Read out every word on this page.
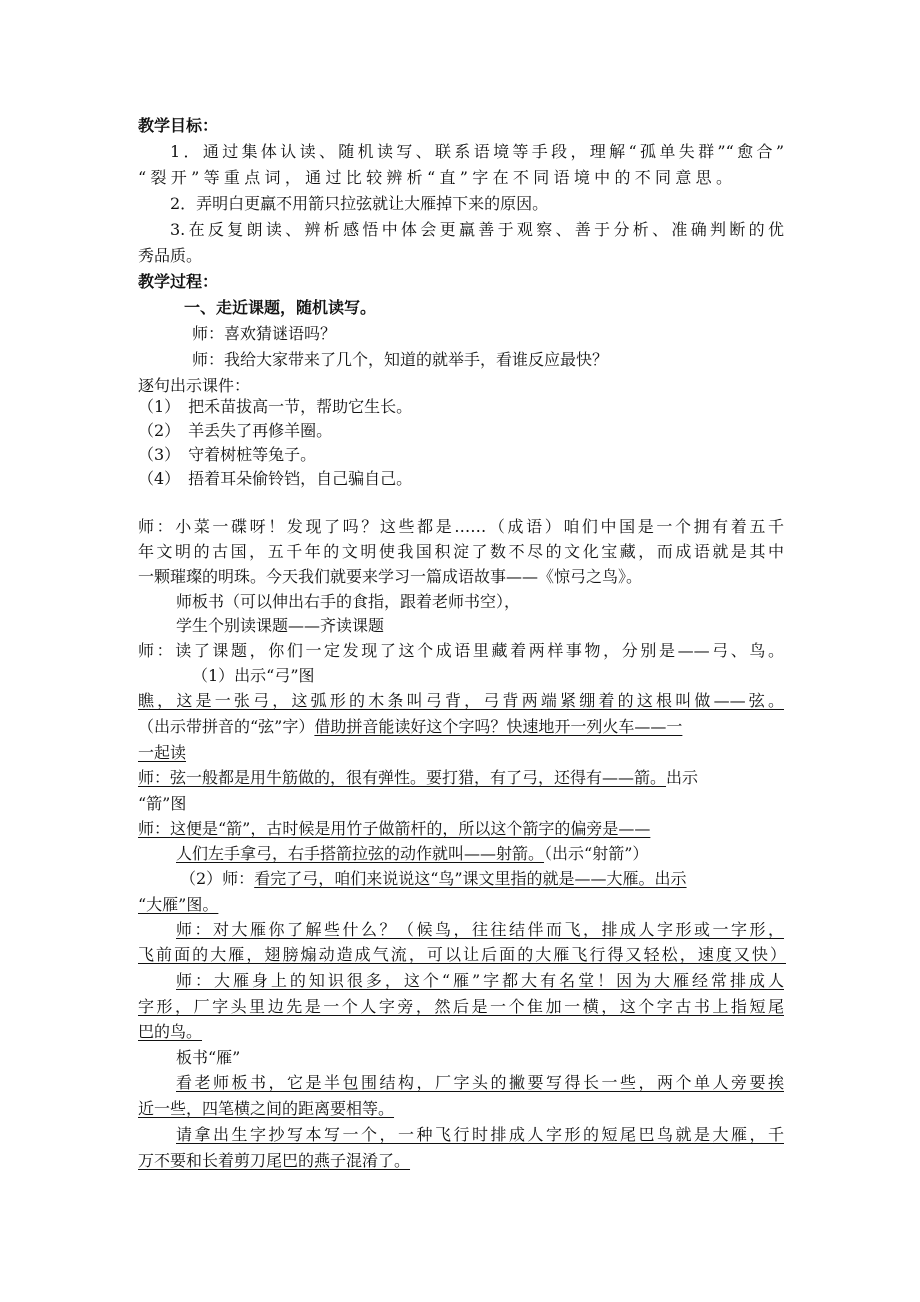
教学目标：
1．通过集体认读、随机读写、联系语境等手段，理解“孤单失群”“愈合”
“裂开”等重点词，通过比较辨析“直”字在不同语境中的不同意思。
2．弄明白更羸不用箭只拉弦就让大雁掉下来的原因。
3.在反复朗读、辨析感悟中体会更羸善于观察、善于分析、准确判断的优
秀品质。
教学过程：
一、走近课题，随机读写。
师：喜欢猜谜语吗？
师：我给大家带来了几个，知道的就举手，看谁反应最快？
逐句出示课件：
（1）　把禾苗拔高一节，帮助它生长。
（2）　羊丢失了再修羊圈。
（3）　守着树桩等兔子。
（4）　捂着耳朵偷铃铛，自己骗自己。
师：小菜一碟呀！发现了吗？这些都是……（成语）咱们中国是一个拥有着五千
年文明的古国，五千年的文明使我国积淀了数不尽的文化宝藏，而成语就是其中
一颗璀璨的明珠。今天我们就要来学习一篇成语故事——《惊弓之鸟》。
师板书（可以伸出右手的食指，跟着老师书空），
学生个别读课题——齐读课题
师：读了课题，你们一定发现了这个成语里藏着两样事物，分别是——弓、鸟。
（1）出示“弓”图
瞧，这是一张弓，这弧形的木条叫弓背，弓背两端紧绷着的这根叫做——弦。
（出示带拼音的“弦”字）借助拼音能读好这个字吗？快速地开一列火车——一
一起读
师：弦一般都是用牛筋做的，很有弹性。要打猎，有了弓，还得有——箭。出示
“箭”图
师：这便是“箭”，古时候是用竹子做箭杆的，所以这个箭字的偏旁是——
人们左手拿弓，右手搭箭拉弦的动作就叫——射箭。（出示“射箭”）
（2）师：看完了弓，咱们来说说这“鸟”课文里指的就是——大雁。出示
“大雁”图。
师：对大雁你了解些什么？（候鸟，往往结伴而飞，排成人字形或一字形，
飞前面的大雁，翅膀煽动造成气流，可以让后面的大雁飞行得又轻松，速度又快）
师：大雁身上的知识很多，这个“雁”字都大有名堂！因为大雁经常排成人
字形，厂字头里边先是一个人字旁，然后是一个隹加一横，这个字古书上指短尾
巴的鸟。
板书“雁”
看老师板书，它是半包围结构，厂字头的撇要写得长一些，两个单人旁要挨
近一些，四笔横之间的距离要相等。
请拿出生字抄写本写一个，一种飞行时排成人字形的短尾巴鸟就是大雁，千
万不要和长着剪刀尾巴的燕子混淆了。
